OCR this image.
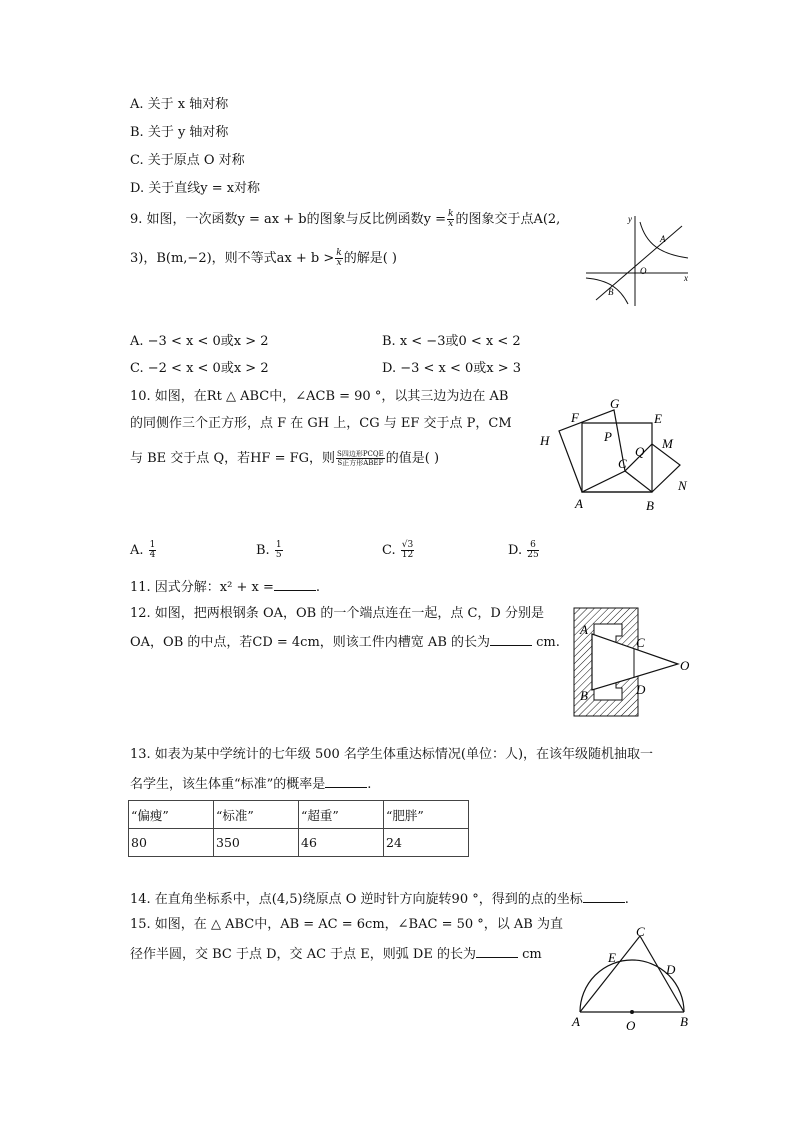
A. 关于 x 轴对称
B. 关于 y 轴对称
C. 关于原点 O 对称
D. 关于直线y = x对称
9. 如图，一次函数y = ax + b的图象与反比例函数$y = \frac{k}{x}$ 的图象交于点A(2,
3)，B(m,−2)，则不等式ax + $b > \frac{k}{x}$ 的解是( )
y
x
O
A
B
A. −3 < x < 0或x > 2	B. x < −3或0 < x < 2
C. −2 < x < 0或x > 2	D. −3 < x < 0或x > 3
10. 如图，在Rt △ ABC中，∠ACB = 90 °，以其三边为边在 AB
的同侧作三个正方形，点 F 在 GH 上，CG 与 EF 交于点 P，CM
与 BE 交于点 Q，若HF = FG，则 $\frac{\text{S四边形PCQE}}{\text{S正方形ABEF}}$ 的值是( )
F
G
E
H	P	M
Q
C
N
A	B
A. $\frac{1}{4}$	B. $\frac{1}{5}$	C. $\frac{√3}{12}$	D. $\frac{6}{25}$
11. 因式分解：x² + x =	.
12. 如图，把两根钢条 OA，OB 的一个端点连在一起，点 C，D 分别是
OA，OB 的中点，若CD = 4cm，则该工件内槽宽 AB 的长为	cm.
A
C
O
B	D
13. 如表为某中学统计的七年级 500 名学生体重达标情况(单位：人)，在该年级随机抽取一
名学生，该生体重“标准”的概率是	.
“偏瘦”	“标准”	“超重”	“肥胖”
80	350	46	24
14. 在直角坐标系中，点(4,5)绕原点 O 逆时针方向旋转90 °，得到的点的坐标	.
15. 如图，在 △ ABC中，AB = AC = 6cm，∠BAC = 50 °，以 AB 为直
径作半圆，交 BC 于点 D，交 AC 于点 E，则弧 DE 的长为	cm
C
E
D
A	O	B
